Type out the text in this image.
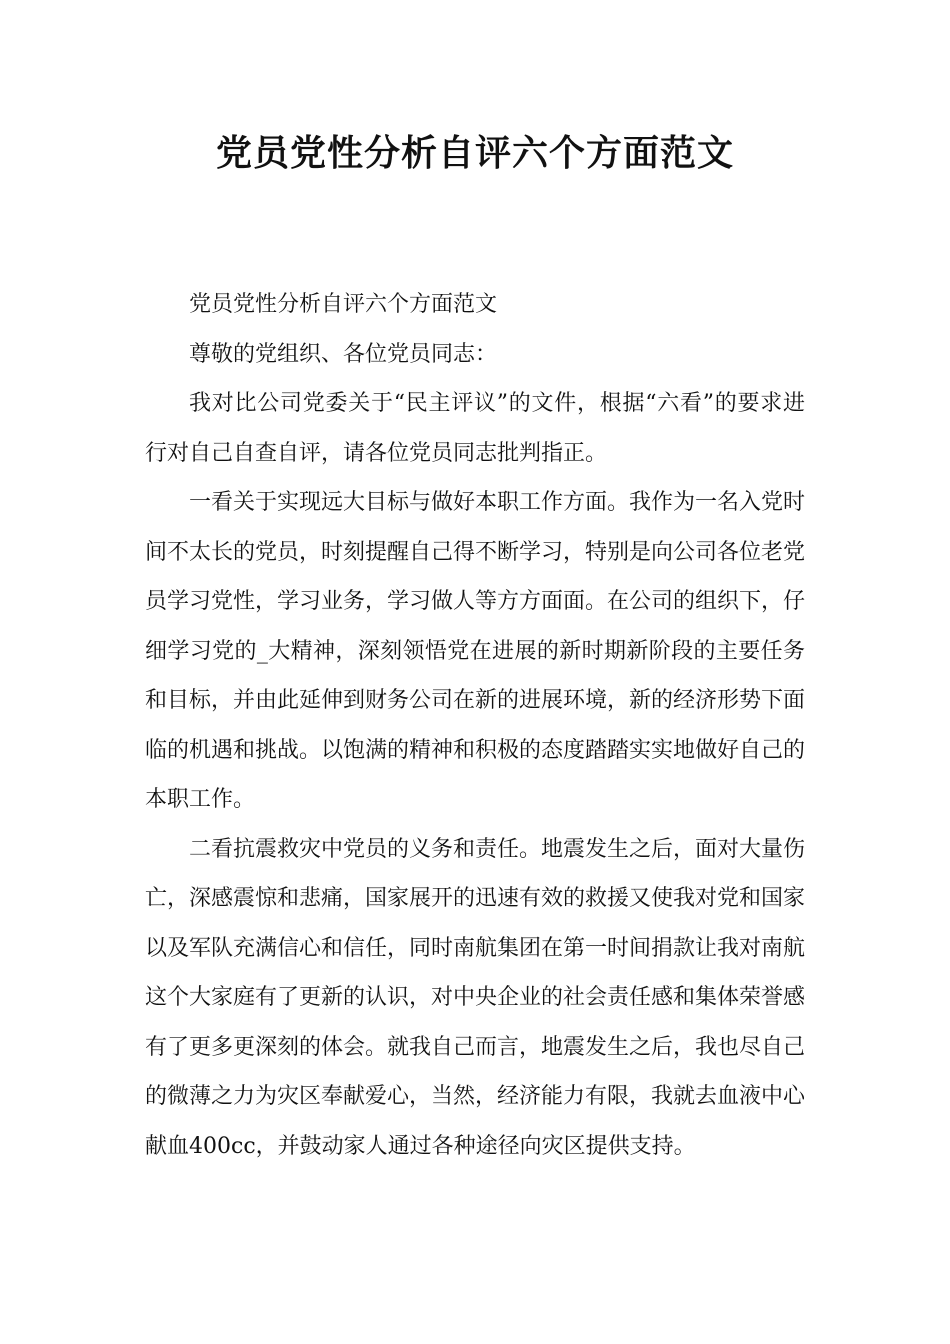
党员党性分析自评六个方面范文

党员党性分析自评六个方面范文

尊敬的党组织、各位党员同志：

我对比公司党委关于“民主评议”的文件，根据“六看”的要求进行对自己自查自评，请各位党员同志批判指正。

一看关于实现远大目标与做好本职工作方面。我作为一名入党时间不太长的党员，时刻提醒自己得不断学习，特别是向公司各位老党员学习党性，学习业务，学习做人等方方面面。在公司的组织下，仔细学习党的_大精神，深刻领悟党在进展的新时期新阶段的主要任务和目标，并由此延伸到财务公司在新的进展环境，新的经济形势下面临的机遇和挑战。以饱满的精神和积极的态度踏踏实实地做好自己的本职工作。

二看抗震救灾中党员的义务和责任。地震发生之后，面对大量伤亡，深感震惊和悲痛，国家展开的迅速有效的救援又使我对党和国家以及军队充满信心和信任，同时南航集团在第一时间捐款让我对南航这个大家庭有了更新的认识，对中央企业的社会责任感和集体荣誉感有了更多更深刻的体会。就我自己而言，地震发生之后，我也尽自己的微薄之力为灾区奉献爱心，当然，经济能力有限，我就去血液中心献血400cc，并鼓动家人通过各种途径向灾区提供支持。
